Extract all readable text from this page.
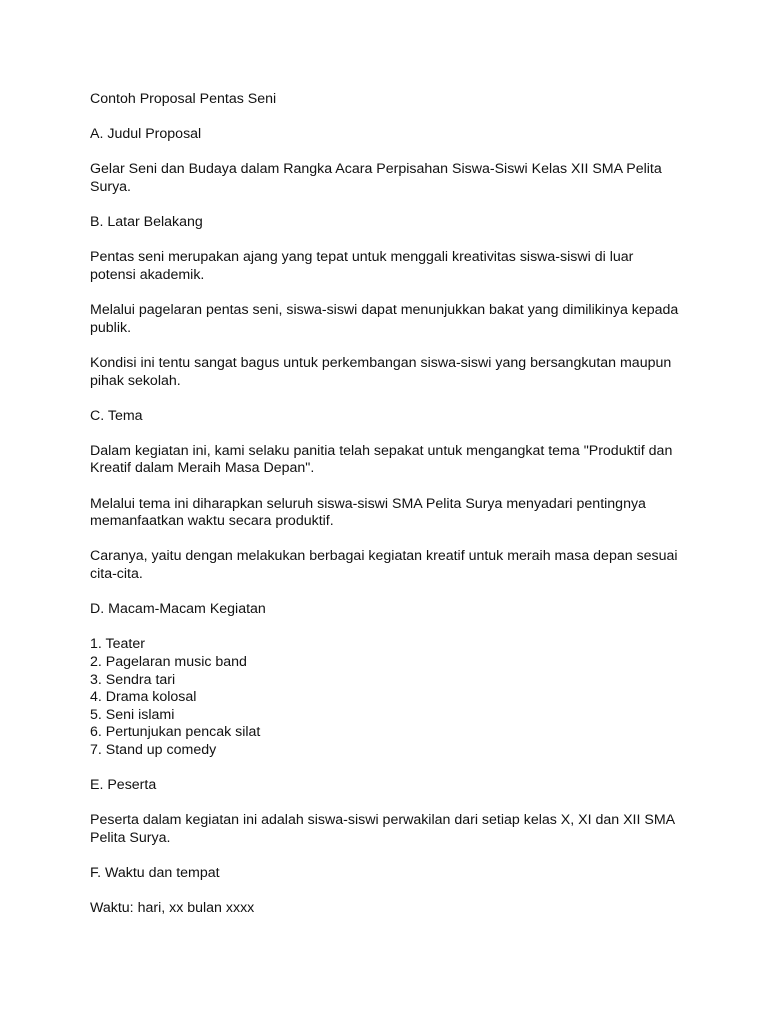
Contoh Proposal Pentas Seni

A. Judul Proposal

Gelar Seni dan Budaya dalam Rangka Acara Perpisahan Siswa-Siswi Kelas XII SMA Pelita Surya.

B. Latar Belakang

Pentas seni merupakan ajang yang tepat untuk menggali kreativitas siswa-siswi di luar potensi akademik.

Melalui pagelaran pentas seni, siswa-siswi dapat menunjukkan bakat yang dimilikinya kepada publik.

Kondisi ini tentu sangat bagus untuk perkembangan siswa-siswi yang bersangkutan maupun pihak sekolah.

C. Tema

Dalam kegiatan ini, kami selaku panitia telah sepakat untuk mengangkat tema "Produktif dan Kreatif dalam Meraih Masa Depan".

Melalui tema ini diharapkan seluruh siswa-siswi SMA Pelita Surya menyadari pentingnya memanfaatkan waktu secara produktif.

Caranya, yaitu dengan melakukan berbagai kegiatan kreatif untuk meraih masa depan sesuai cita-cita.

D. Macam-Macam Kegiatan

1. Teater
2. Pagelaran music band
3. Sendra tari
4. Drama kolosal
5. Seni islami
6. Pertunjukan pencak silat
7. Stand up comedy

E. Peserta

Peserta dalam kegiatan ini adalah siswa-siswi perwakilan dari setiap kelas X, XI dan XII SMA Pelita Surya.

F. Waktu dan tempat

Waktu: hari, xx bulan xxxx
